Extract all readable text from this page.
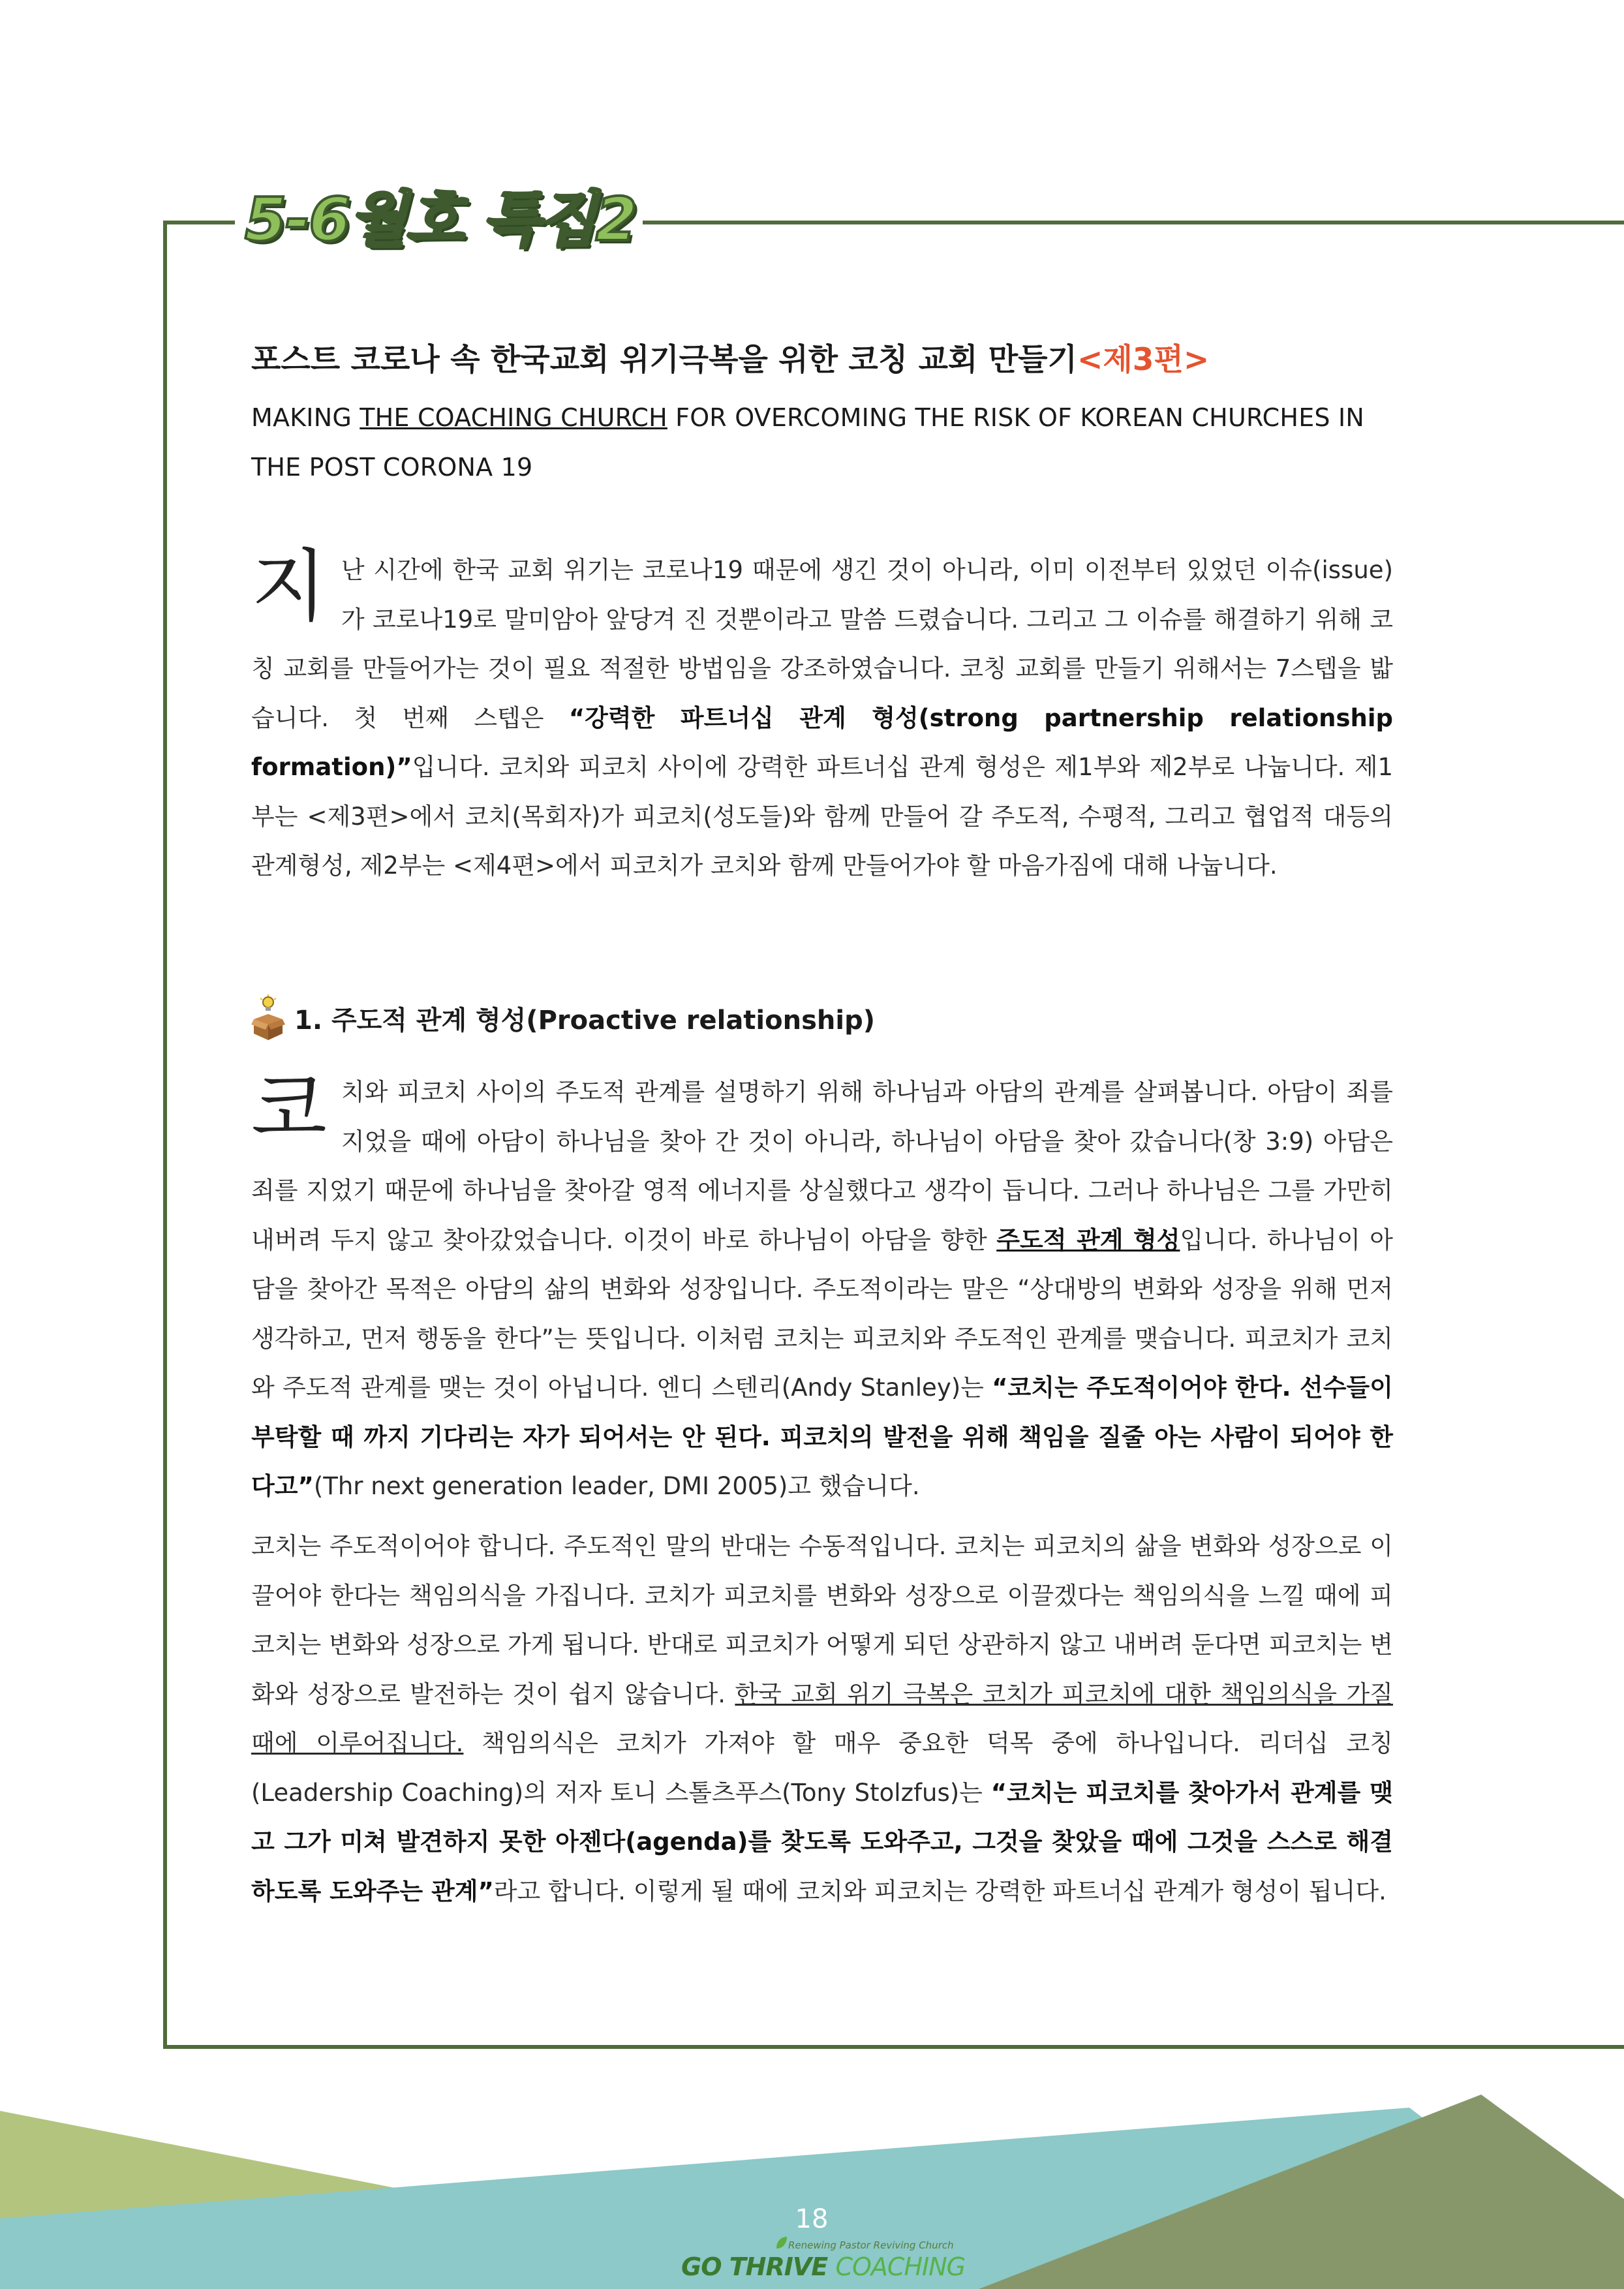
5-6월호 특집2
포스트 코로나 속 한국교회 위기극복을 위한 코칭 교회 만들기<제3편>
MAKING THE COACHING CHURCH FOR OVERCOMING THE RISK OF KOREAN CHURCHES IN THE POST CORONA 19
지난 시간에 한국 교회 위기는 코로나19 때문에 생긴 것이 아니라, 이미 이전부터 있었던 이슈(issue)가 코로나19로 말미암아 앞당겨 진 것뿐이라고 말씀 드렸습니다. 그리고 그 이슈를 해결하기 위해 코칭 교회를 만들어가는 것이 필요 적절한 방법임을 강조하였습니다. 코칭 교회를 만들기 위해서는 7스텝을 밟습니다. 첫 번째 스텝은 “강력한 파트너십 관계 형성(strong partnership relationship formation)”입니다. 코치와 피코치 사이에 강력한 파트너십 관계 형성은 제1부와 제2부로 나눕니다. 제1부는 <제3편>에서 코치(목회자)가 피코치(성도들)와 함께 만들어 갈 주도적, 수평적, 그리고 협업적 대등의 관계형성, 제2부는 <제4편>에서 피코치가 코치와 함께 만들어가야 할 마음가짐에 대해 나눕니다.
1. 주도적 관계 형성(Proactive relationship)
코치와 피코치 사이의 주도적 관계를 설명하기 위해 하나님과 아담의 관계를 살펴봅니다. 아담이 죄를 지었을 때에 아담이 하나님을 찾아 간 것이 아니라, 하나님이 아담을 찾아 갔습니다(창 3:9) 아담은 죄를 지었기 때문에 하나님을 찾아갈 영적 에너지를 상실했다고 생각이 듭니다. 그러나 하나님은 그를 가만히 내버려 두지 않고 찾아갔었습니다. 이것이 바로 하나님이 아담을 향한 주도적 관계 형성입니다. 하나님이 아담을 찾아간 목적은 아담의 삶의 변화와 성장입니다. 주도적이라는 말은 “상대방의 변화와 성장을 위해 먼저 생각하고, 먼저 행동을 한다”는 뜻입니다. 이처럼 코치는 피코치와 주도적인 관계를 맺습니다. 피코치가 코치와 주도적 관계를 맺는 것이 아닙니다. 엔디 스텐리(Andy Stanley)는 “코치는 주도적이어야 한다. 선수들이 부탁할 때 까지 기다리는 자가 되어서는 안 된다. 피코치의 발전을 위해 책임을 질줄 아는 사람이 되어야 한다고”(Thr next generation leader, DMI 2005)고 했습니다.
코치는 주도적이어야 합니다. 주도적인 말의 반대는 수동적입니다. 코치는 피코치의 삶을 변화와 성장으로 이끌어야 한다는 책임의식을 가집니다. 코치가 피코치를 변화와 성장으로 이끌겠다는 책임의식을 느낄 때에 피코치는 변화와 성장으로 가게 됩니다. 반대로 피코치가 어떻게 되던 상관하지 않고 내버려 둔다면 피코치는 변화와 성장으로 발전하는 것이 쉽지 않습니다. 한국 교회 위기 극복은 코치가 피코치에 대한 책임의식을 가질 때에 이루어집니다. 책임의식은 코치가 가져야 할 매우 중요한 덕목 중에 하나입니다. 리더십 코칭(Leadership Coaching)의 저자 토니 스톨츠푸스(Tony Stolzfus)는 “코치는 피코치를 찾아가서 관계를 맺고 그가 미쳐 발견하지 못한 아젠다(agenda)를 찾도록 도와주고, 그것을 찾았을 때에 그것을 스스로 해결하도록 도와주는 관계”라고 합니다. 이렇게 될 때에 코치와 피코치는 강력한 파트너십 관계가 형성이 됩니다.
18
Renewing Pastor Reviving Church
GO THRIVE COACHING
